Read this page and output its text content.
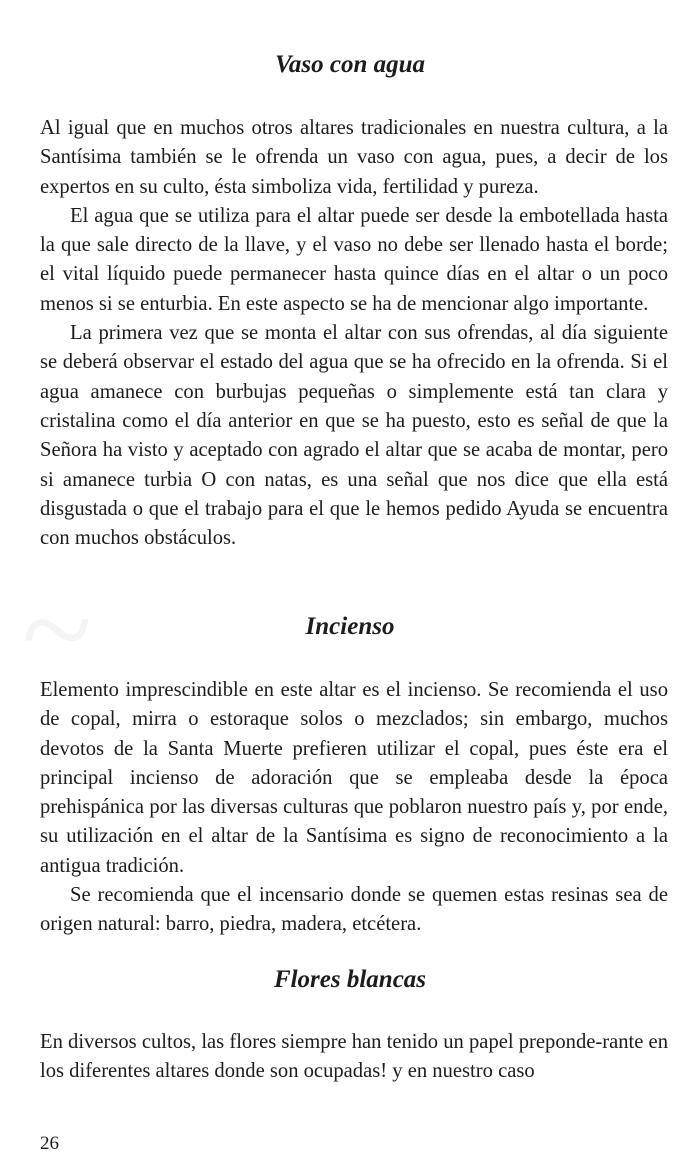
~
Vaso con agua

Al igual que en muchos otros altares tradicionales en nuestra cultura, a la Santísima también se le ofrenda un vaso con agua, pues, a decir de los expertos en su culto, ésta simboliza vida, fertilidad y pureza.

El agua que se utiliza para el altar puede ser desde la embotellada hasta la que sale directo de la llave, y el vaso no debe ser llenado hasta el borde; el vital líquido puede permanecer hasta quince días en el altar o un poco menos si se enturbia. En este aspecto se ha de mencionar algo importante.

La primera vez que se monta el altar con sus ofrendas, al día siguiente se deberá observar el estado del agua que se ha ofrecido en la ofrenda. Si el agua amanece con burbujas pequeñas o simplemente está tan clara y cristalina como el día anterior en que se ha puesto, esto es señal de que la Señora ha visto y aceptado con agrado el altar que se acaba de montar, pero si amanece turbia O con natas, es una señal que nos dice que ella está disgustada o que el trabajo para el que le hemos pedido Ayuda se encuentra con muchos obstáculos.

Incienso

Elemento imprescindible en este altar es el incienso. Se recomienda el uso de copal, mirra o estoraque solos o mezclados; sin embargo, muchos devotos de la Santa Muerte prefieren utilizar el copal, pues éste era el principal incienso de adoración que se empleaba desde la época prehispánica por las diversas culturas que poblaron nuestro país y, por ende, su utilización en el altar de la Santísima es signo de reconocimiento a la antigua tradición.

Se recomienda que el incensario donde se quemen estas resinas sea de origen natural: barro, piedra, madera, etcétera.

Flores blancas

En diversos cultos, las flores siempre han tenido un papel preponde-rante en los diferentes altares donde son ocupadas! y en nuestro caso

26
